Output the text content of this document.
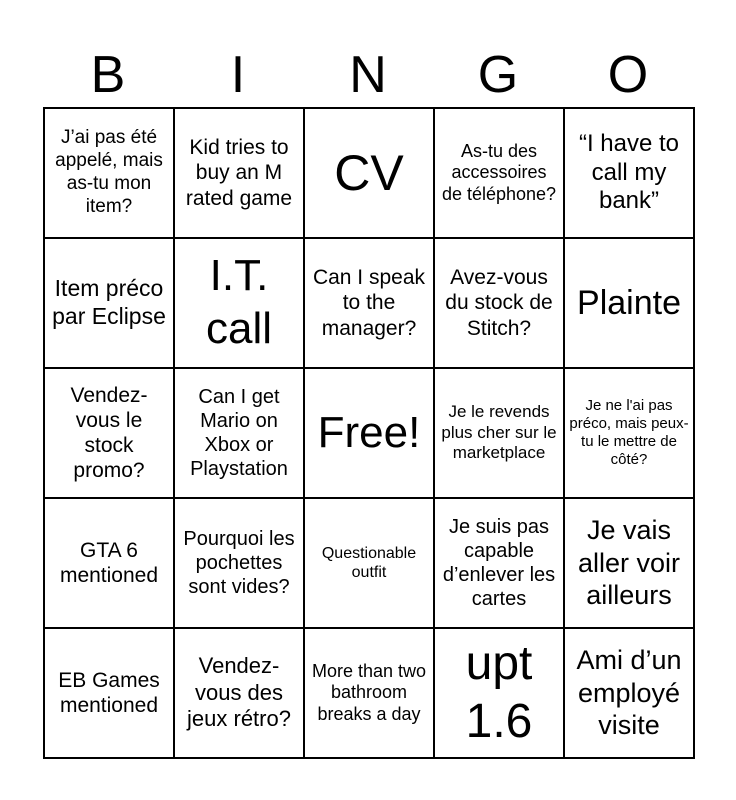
B	I	N	G	O
J’ai pas été appelé, mais as-tu mon item?	Kid tries to buy an M rated game	CV	As-tu des accessoires de téléphone?	“I have to call my bank”
Item préco par Eclipse	I.T. call	Can I speak to the manager?	Avez-vous du stock de Stitch?	Plainte
Vendez-vous le stock promo?	Can I get Mario on Xbox or Playstation	Free!	Je le revends plus cher sur le marketplace	Je ne l'ai pas préco, mais peux-tu le mettre de côté?
GTA 6 mentioned	Pourquoi les pochettes sont vides?	Questionable outfit	Je suis pas capable d’enlever les cartes	Je vais aller voir ailleurs
EB Games mentioned	Vendez-vous des jeux rétro?	More than two bathroom breaks a day	upt 1.6	Ami d’un employé visite
